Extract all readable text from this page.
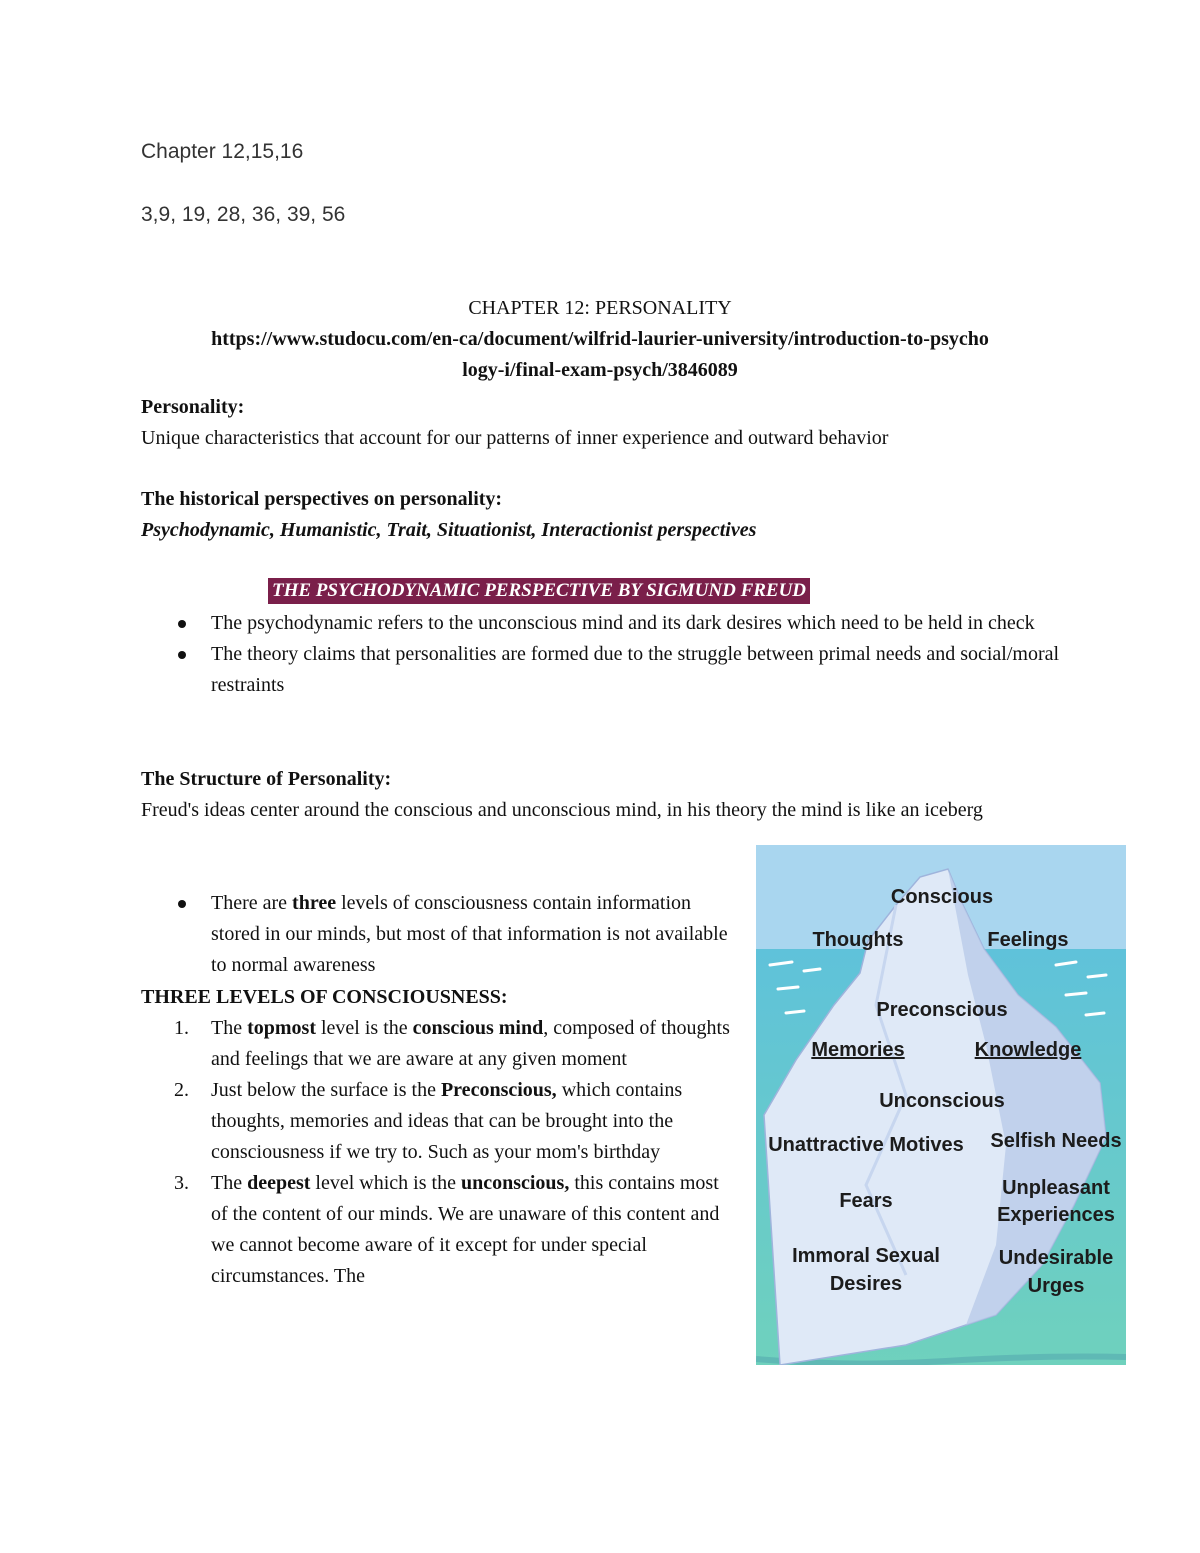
Chapter 12,15,16
3,9, 19, 28, 36, 39, 56
CHAPTER 12: PERSONALITY
https://www.studocu.com/en-ca/document/wilfrid-laurier-university/introduction-to-psycho
logy-i/final-exam-psych/3846089
Personality:
Unique characteristics that account for our patterns of inner experience and outward behavior
The historical perspectives on personality:
Psychodynamic, Humanistic, Trait, Situationist, Interactionist perspectives
THE PSYCHODYNAMIC PERSPECTIVE BY SIGMUND FREUD
The psychodynamic refers to the unconscious mind and its dark desires which need to be held in check
The theory claims that personalities are formed due to the struggle between primal needs and social/moral restraints
The Structure of Personality:
Freud's ideas center around the conscious and unconscious mind, in his theory the mind is like an iceberg
There are three levels of consciousness contain information stored in our minds, but most of that information is not available to normal awareness
THREE LEVELS OF CONSCIOUSNESS:
1. The topmost level is the conscious mind, composed of thoughts and feelings that we are aware at any given moment
2. Just below the surface is the Preconscious, which contains thoughts, memories and ideas that can be brought into the consciousness if we try to. Such as your mom's birthday
3. The deepest level which is the unconscious, this contains most of the content of our minds. We are unaware of this content and we cannot become aware of it except for under special circumstances. The
Conscious
Thoughts	Feelings
Preconscious
Memories	Knowledge
Unconscious
Unattractive Motives Selfish Needs
Fears
Unpleasant
Experiences
Immoral Sexual
Desires
Undesirable
Urges
